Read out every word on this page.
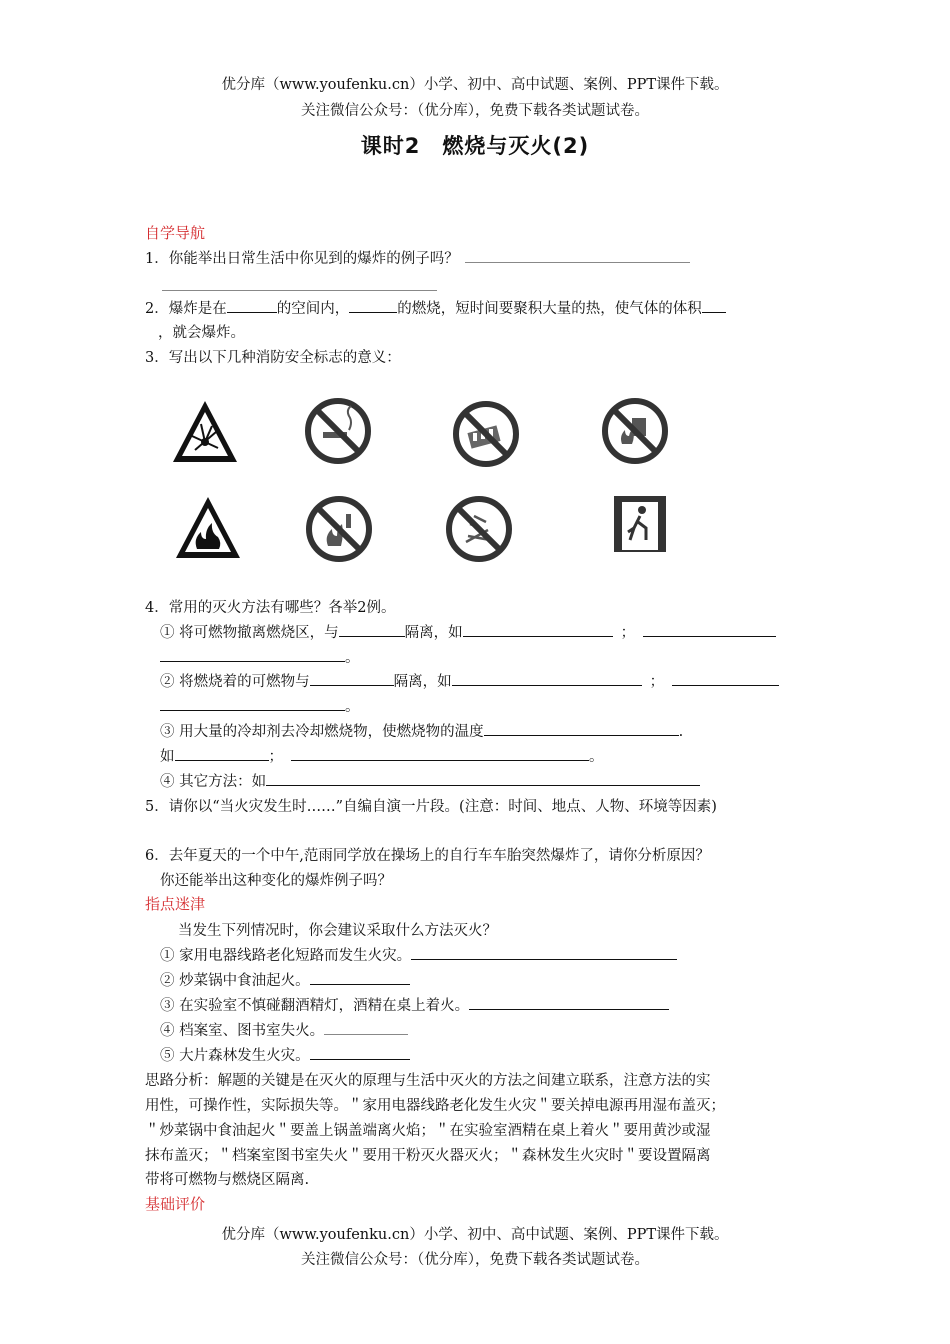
优分库（www.youfenku.cn）小学、初中、高中试题、案例、PPT课件下载。
关注微信公众号：（优分库），免费下载各类试题试卷。
课时2　燃烧与灭火(2)
自学导航
1．你能举出日常生活中你见到的爆炸的例子吗？
2．爆炸是在	的空间内，	的燃烧，短时间要聚积大量的热，使气体的体积
，就会爆炸。
3．写出以下几种消防安全标志的意义：
4．常用的灭火方法有哪些？各举2例。
① 将可燃物撤离燃烧区，与	隔离，如	；
。
② 将燃烧着的可燃物与	隔离，如	；
。
③ 用大量的冷却剂去冷却燃烧物，使燃烧物的温度	.
如	；	。
④ 其它方法：如
5．请你以“当火灾发生时……”自编自演一片段。(注意：时间、地点、人物、环境等因素)
6．去年夏天的一个中午,范雨同学放在操场上的自行车车胎突然爆炸了，请你分析原因？
你还能举出这种变化的爆炸例子吗？
指点迷津
当发生下列情况时，你会建议采取什么方法灭火？
① 家用电器线路老化短路而发生火灾。
② 炒菜锅中食油起火。
③ 在实验室不慎碰翻酒精灯，酒精在桌上着火。
④ 档案室、图书室失火。
⑤ 大片森林发生火灾。
思路分析：解题的关键是在灭火的原理与生活中灭火的方法之间建立联系，注意方法的实
用性，可操作性，实际损失等。＂家用电器线路老化发生火灾＂要关掉电源再用湿布盖灭；
＂炒菜锅中食油起火＂要盖上锅盖端离火焰；＂在实验室酒精在桌上着火＂要用黄沙或湿
抹布盖灭；＂档案室图书室失火＂要用干粉灭火器灭火；＂森林发生火灾时＂要设置隔离
带将可燃物与燃烧区隔离.
基础评价
优分库（www.youfenku.cn）小学、初中、高中试题、案例、PPT课件下载。
关注微信公众号：（优分库），免费下载各类试题试卷。
